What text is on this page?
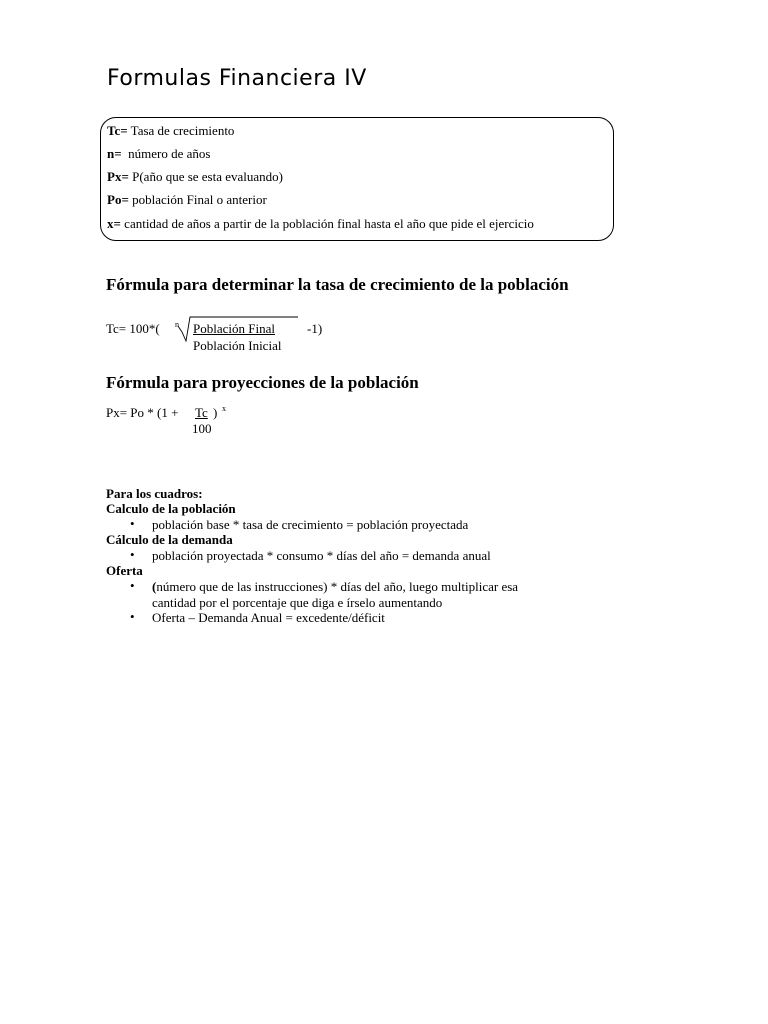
Formulas Financiera IV
Tc= Tasa de crecimiento
n=  número de años
Px= P(año que se esta evaluando)
Po= población Final o anterior
x= cantidad de años a partir de la población final hasta el año que pide el ejercicio
Fórmula para determinar la tasa de crecimiento de la población
Tc= 100*( n Población Final -1)
Población Inicial
Fórmula para proyecciones de la población
Px= Po * (1 + Tc ) x
100
Para los cuadros:
Calculo de la población
• población base * tasa de crecimiento = población proyectada
Cálculo de la demanda
• población proyectada * consumo * días del año = demanda anual
Oferta
• (número que de las instrucciones) * días del año, luego multiplicar esa
cantidad por el porcentaje que diga e írselo aumentando
• Oferta – Demanda Anual = excedente/déficit
